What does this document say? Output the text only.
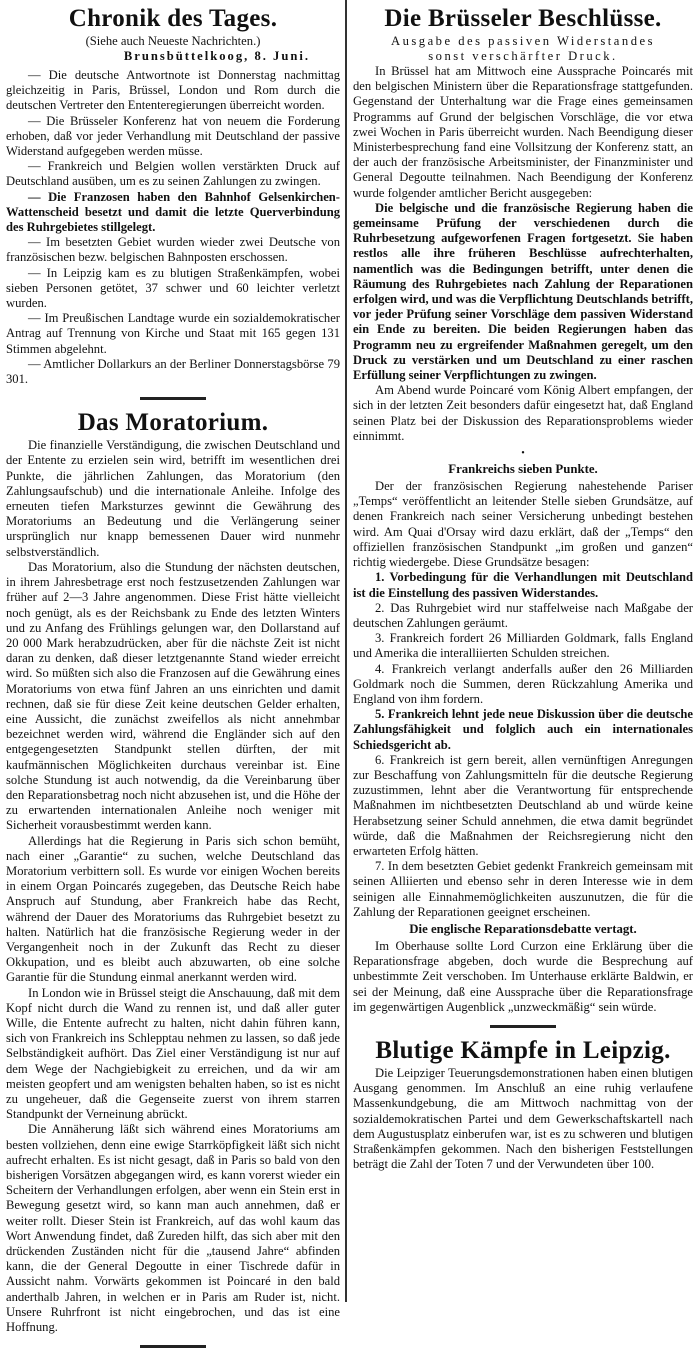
Chronik des Tages.
(Siehe auch Neueste Nachrichten.)
Brunsbüttelkoog, 8. Juni.

— Die deutsche Antwortnote ist Donnerstag nachmittag gleichzeitig in Paris, Brüssel, London und Rom durch die deutschen Vertreter den Ententeregierungen überreicht worden.

— Die Brüsseler Konferenz hat von neuem die Forderung erhoben, daß vor jeder Verhandlung mit Deutschland der passive Widerstand aufgegeben werden müsse.

— Frankreich und Belgien wollen verstärkten Druck auf Deutschland ausüben, um es zu seinen Zahlungen zu zwingen.

— Die Franzosen haben den Bahnhof Gelsenkirchen-Wattenscheid besetzt und damit die letzte Querverbindung des Ruhrgebietes stillgelegt.

— Im besetzten Gebiet wurden wieder zwei Deutsche von französischen bezw. belgischen Bahnposten erschossen.

— In Leipzig kam es zu blutigen Straßenkämpfen, wobei sieben Personen getötet, 37 schwer und 60 leichter verletzt wurden.

— Im Preußischen Landtage wurde ein sozialdemokratischer Antrag auf Trennung von Kirche und Staat mit 165 gegen 131 Stimmen abgelehnt.

— Amtlicher Dollarkurs an der Berliner Donnerstagsbörse 79 301.

Das Moratorium.

Die finanzielle Verständigung, die zwischen Deutschland und der Entente zu erzielen sein wird, betrifft im wesentlichen drei Punkte, die jährlichen Zahlungen, das Moratorium (den Zahlungsaufschub) und die internationale Anleihe. Infolge des erneuten tiefen Marksturzes gewinnt die Gewährung des Moratoriums an Bedeutung und die Verlängerung seiner ursprünglich nur knapp bemessenen Dauer wird nunmehr selbstverständlich.

Das Moratorium, also die Stundung der nächsten deutschen, in ihrem Jahresbetrage erst noch festzusetzenden Zahlungen war früher auf 2—3 Jahre angenommen. Diese Frist hätte vielleicht noch genügt, als es der Reichsbank zu Ende des letzten Winters und zu Anfang des Frühlings gelungen war, den Dollarstand auf 20 000 Mark herabzudrücken, aber für die nächste Zeit ist nicht daran zu denken, daß dieser letztgenannte Stand wieder erreicht wird. So müßten sich also die Franzosen auf die Gewährung eines Moratoriums von etwa fünf Jahren an uns einrichten und damit rechnen, daß sie für diese Zeit keine deutschen Gelder erhalten, eine Aussicht, die zunächst zweifellos als nicht annehmbar bezeichnet werden wird, während die Engländer sich auf den entgegengesetzten Standpunkt stellen dürften, der mit kaufmännischen Möglichkeiten durchaus vereinbar ist. Eine solche Stundung ist auch notwendig, da die Vereinbarung über den Reparationsbetrag noch nicht abzusehen ist, und die Höhe der zu erwartenden internationalen Anleihe noch weniger mit Sicherheit vorausbestimmt werden kann.

Allerdings hat die Regierung in Paris sich schon bemüht, nach einer „Garantie“ zu suchen, welche Deutschland das Moratorium verbittern soll. Es wurde vor einigen Wochen bereits in einem Organ Poincarés zugegeben, das Deutsche Reich habe Anspruch auf Stundung, aber Frankreich habe das Recht, während der Dauer des Moratoriums das Ruhrgebiet besetzt zu halten. Natürlich hat die französische Regierung weder in der Vergangenheit noch in der Zukunft das Recht zu dieser Okkupation, und es bleibt auch abzuwarten, ob eine solche Garantie für die Stundung einmal anerkannt werden wird.

In London wie in Brüssel steigt die Anschauung, daß mit dem Kopf nicht durch die Wand zu rennen ist, und daß aller guter Wille, die Entente aufrecht zu halten, nicht dahin führen kann, sich von Frankreich ins Schlepptau nehmen zu lassen, so daß jede Selbständigkeit aufhört. Das Ziel einer Verständigung ist nur auf dem Wege der Nachgiebigkeit zu erreichen, und da wir am meisten geopfert und am wenigsten behalten haben, so ist es nicht zu ungeheuer, daß die Gegenseite zuerst von ihrem starren Standpunkt der Verneinung abrückt.

Die Annäherung läßt sich während eines Moratoriums am besten vollziehen, denn eine ewige Starrköpfigkeit läßt sich nicht aufrecht erhalten. Es ist nicht gesagt, daß in Paris so bald von den bisherigen Vorsätzen abgegangen wird, es kann vorerst wieder ein Scheitern der Verhandlungen erfolgen, aber wenn ein Stein erst in Bewegung gesetzt wird, so kann man auch annehmen, daß er weiter rollt. Dieser Stein ist Frankreich, auf das wohl kaum das Wort Anwendung findet, daß Zureden hilft, das sich aber mit den drückenden Zuständen nicht für die „tausend Jahre“ abfinden kann, die der General Degoutte in einer Tischrede dafür in Aussicht nahm. Vorwärts gekommen ist Poincaré in den bald anderthalb Jahren, in welchen er in Paris am Ruder ist, nicht. Unsere Ruhrfront ist nicht eingebrochen, und das ist eine Hoffnung.

Die Brüsseler Beschlüsse.
Ausgabe des passiven Widerstandes
sonst verschärfter Druck.

In Brüssel hat am Mittwoch eine Aussprache Poincarés mit den belgischen Ministern über die Reparationsfrage stattgefunden. Gegenstand der Unterhaltung war die Frage eines gemeinsamen Programms auf Grund der belgischen Vorschläge, die vor etwa zwei Wochen in Paris überreicht wurden. Nach Beendigung dieser Ministerbesprechung fand eine Vollsitzung der Konferenz statt, an der auch der französische Arbeitsminister, der Finanzminister und General Degoutte teilnahmen. Nach Beendigung der Konferenz wurde folgender amtlicher Bericht ausgegeben:

Die belgische und die französische Regierung haben die gemeinsame Prüfung der verschiedenen durch die Ruhrbesetzung aufgeworfenen Fragen fortgesetzt. Sie haben restlos alle ihre früheren Beschlüsse aufrechterhalten, namentlich was die Bedingungen betrifft, unter denen die Räumung des Ruhrgebietes nach Zahlung der Reparationen erfolgen wird, und was die Verpflichtung Deutschlands betrifft, vor jeder Prüfung seiner Vorschläge dem passiven Widerstand ein Ende zu bereiten. Die beiden Regierungen haben das Programm neu zu ergreifender Maßnahmen geregelt, um den Druck zu verstärken und um Deutschland zu einer raschen Erfüllung seiner Verpflichtungen zu zwingen.

Am Abend wurde Poincaré vom König Albert empfangen, der sich in der letzten Zeit besonders dafür eingesetzt hat, daß England seinen Platz bei der Diskussion des Reparationsproblems wieder einnimmt.

•
Frankreichs sieben Punkte.

Der der französischen Regierung nahestehende Pariser „Temps“ veröffentlicht an leitender Stelle sieben Grundsätze, auf denen Frankreich nach seiner Versicherung unbedingt bestehen wird. Am Quai d'Orsay wird dazu erklärt, daß der „Temps“ den offiziellen französischen Standpunkt „im großen und ganzen“ richtig wiedergebe. Diese Grundsätze besagen:

1. Vorbedingung für die Verhandlungen mit Deutschland ist die Einstellung des passiven Widerstandes.

2. Das Ruhrgebiet wird nur staffelweise nach Maßgabe der deutschen Zahlungen geräumt.

3. Frankreich fordert 26 Milliarden Goldmark, falls England und Amerika die interalliierten Schulden streichen.

4. Frankreich verlangt anderfalls außer den 26 Milliarden Goldmark noch die Summen, deren Rückzahlung Amerika und England von ihm fordern.

5. Frankreich lehnt jede neue Diskussion über die deutsche Zahlungsfähigkeit und folglich auch ein internationales Schiedsgericht ab.

6. Frankreich ist gern bereit, allen vernünftigen Anregungen zur Beschaffung von Zahlungsmitteln für die deutsche Regierung zuzustimmen, lehnt aber die Verantwortung für entsprechende Maßnahmen im nichtbesetzten Deutschland ab und würde keine Herabsetzung seiner Schuld annehmen, die etwa damit begründet würde, daß die Maßnahmen der Reichsregierung nicht den erwarteten Erfolg hätten.

7. In dem besetzten Gebiet gedenkt Frankreich gemeinsam mit seinen Alliierten und ebenso sehr in deren Interesse wie in dem seinigen alle Einnahmemöglichkeiten auszunutzen, die für die Zahlung der Reparationen geeignet erscheinen.

Die englische Reparationsdebatte vertagt.

Im Oberhause sollte Lord Curzon eine Erklärung über die Reparationsfrage abgeben, doch wurde die Besprechung auf unbestimmte Zeit verschoben. Im Unterhause erklärte Baldwin, er sei der Meinung, daß eine Aussprache über die Reparationsfrage im gegenwärtigen Augenblick „unzweckmäßig“ sein würde.

Blutige Kämpfe in Leipzig.

Die Leipziger Teuerungsdemonstrationen haben einen blutigen Ausgang genommen. Im Anschluß an eine ruhig verlaufene Massenkundgebung, die am Mittwoch nachmittag von der sozialdemokratischen Partei und dem Gewerkschaftskartell nach dem Augustusplatz einberufen war, ist es zu schweren und blutigen Straßenkämpfen gekommen. Nach den bisherigen Feststellungen beträgt die Zahl der Toten 7 und der Verwundeten über 100.
